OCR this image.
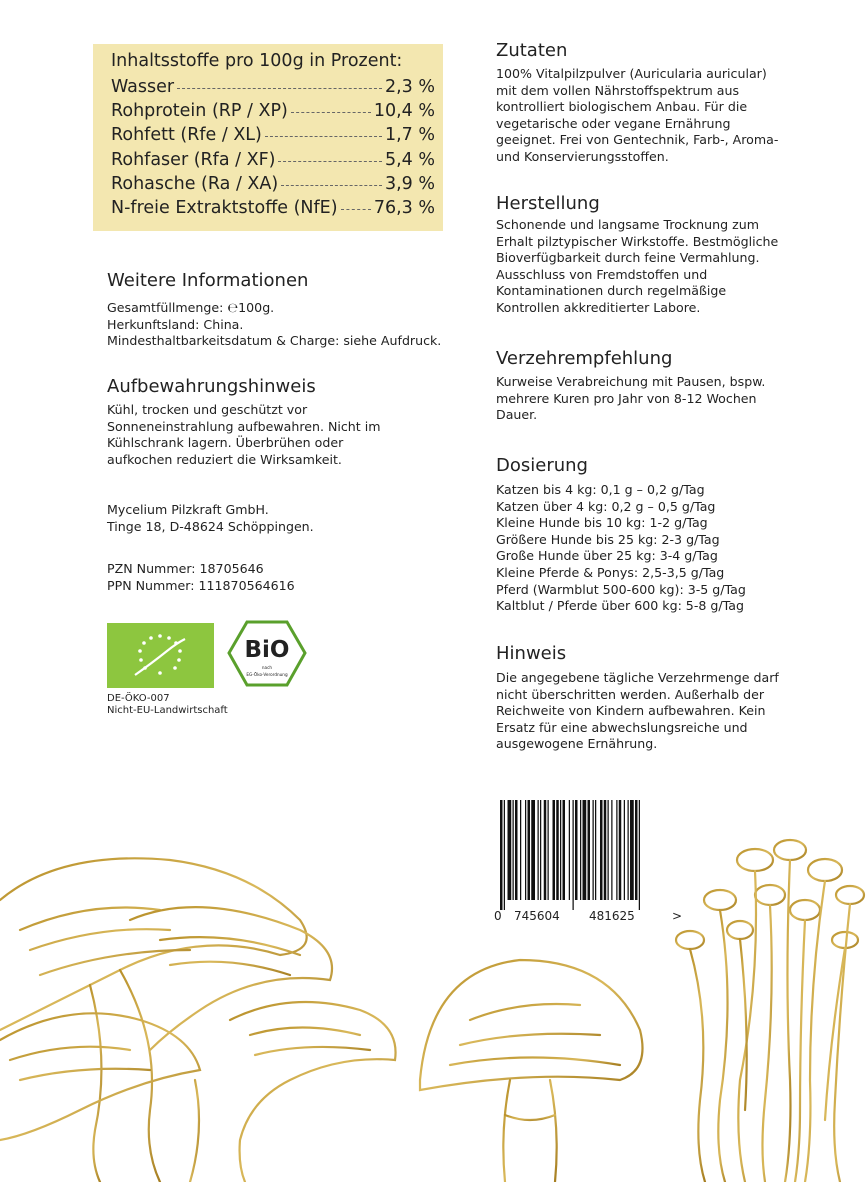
Inhaltsstoffe pro 100g in Prozent:
Wasser	2,3 %
Rohprotein (RP / XP)	10,4 %
Rohfett (Rfe / XL)	1,7 %
Rohfaser (Rfa / XF)	5,4 %
Rohasche (Ra / XA)	3,9 %
N-freie Extraktstoffe (NfE) 76,3 %
Weitere Informationen
Gesamtfüllmenge: ℮100g.
Herkunftsland: China.
Mindesthaltbarkeitsdatum & Charge: siehe Aufdruck.
Aufbewahrungshinweis
Kühl, trocken und geschützt vor
Sonneneinstrahlung aufbewahren. Nicht im
Kühlschrank lagern. Überbrühen oder
aufkochen reduziert die Wirksamkeit.
Mycelium Pilzkraft GmbH.
Tinge 18, D-48624 Schöppingen.
PZN Nummer: 18705646
PPN Nummer: 111870564616
BiO
nach
EG-Öko-Verordnung
DE-ÖKO-007
Nicht-EU-Landwirtschaft
Zutaten
100% Vitalpilzpulver (Auricularia auricular)
mit dem vollen Nährstoffspektrum aus
kontrolliert biologischem Anbau. Für die
vegetarische oder vegane Ernährung
geeignet. Frei von Gentechnik, Farb-, Aroma-
und Konservierungsstoffen.
Herstellung
Schonende und langsame Trocknung zum
Erhalt pilztypischer Wirkstoffe. Bestmögliche
Bioverfügbarkeit durch feine Vermahlung.
Ausschluss von Fremdstoffen und
Kontaminationen durch regelmäßige
Kontrollen akkreditierter Labore.
Verzehrempfehlung
Kurweise Verabreichung mit Pausen, bspw.
mehrere Kuren pro Jahr von 8-12 Wochen
Dauer.
Dosierung
Katzen bis 4 kg: 0,1 g – 0,2 g/Tag
Katzen über 4 kg: 0,2 g – 0,5 g/Tag
Kleine Hunde bis 10 kg: 1-2 g/Tag
Größere Hunde bis 25 kg: 2-3 g/Tag
Große Hunde über 25 kg: 3-4 g/Tag
Kleine Pferde & Ponys: 2,5-3,5 g/Tag
Pferd (Warmblut 500-600 kg): 3-5 g/Tag
Kaltblut / Pferde über 600 kg: 5-8 g/Tag
Hinweis
Die angegebene tägliche Verzehrmenge darf
nicht überschritten werden. Außerhalb der
Reichweite von Kindern aufbewahren. Kein
Ersatz für eine abwechslungsreiche und
ausgewogene Ernährung.
0 745604 481625	>
